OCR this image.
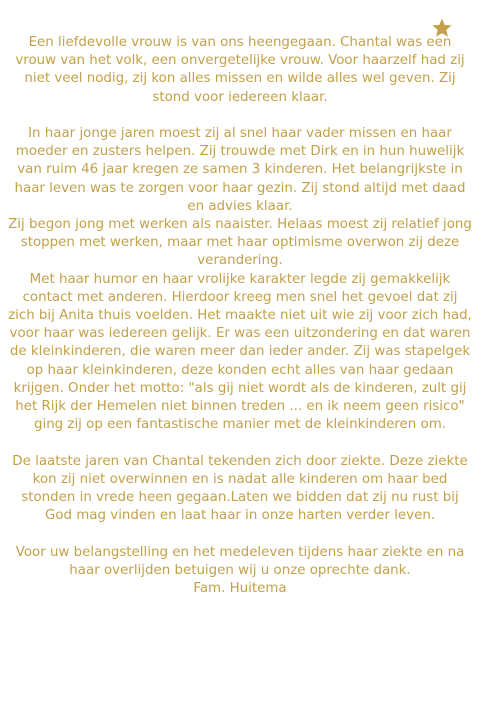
Een liefdevolle vrouw is van ons heengegaan. Chantal was een vrouw van het volk, een onvergetelijke vrouw. Voor haarzelf had zij niet veel nodig, zij kon alles missen en wilde alles wel geven. Zij stond voor iedereen klaar.

In haar jonge jaren moest zij al snel haar vader missen en haar moeder en zusters helpen. Zij trouwde met Dirk en in hun huwelijk van ruim 46 jaar kregen ze samen 3 kinderen. Het belangrijkste in haar leven was te zorgen voor haar gezin. Zij stond altijd met daad en advies klaar.

Zij begon jong met werken als naaister. Helaas moest zij relatief jong stoppen met werken, maar met haar optimisme overwon zij deze verandering.

Met haar humor en haar vrolijke karakter legde zij gemakkelijk contact met anderen. Hierdoor kreeg men snel het gevoel dat zij zich bij Anita thuis voelden. Het maakte niet uit wie zij voor zich had, voor haar was iedereen gelijk. Er was een uitzondering en dat waren de kleinkinderen, die waren meer dan ieder ander. Zij was stapelgek op haar kleinkinderen, deze konden echt alles van haar gedaan krijgen. Onder het motto: "als gij niet wordt als de kinderen, zult gij het Rijk der Hemelen niet binnen treden ... en ik neem geen risico" ging zij op een fantastische manier met de kleinkinderen om.

De laatste jaren van Chantal tekenden zich door ziekte. Deze ziekte kon zij niet overwinnen en is nadat alle kinderen om haar bed stonden in vrede heen gegaan.Laten we bidden dat zij nu rust bij God mag vinden en laat haar in onze harten verder leven.

Voor uw belangstelling en het medeleven tijdens haar ziekte en na haar overlijden betuigen wij u onze oprechte dank.

Fam. Huitema
